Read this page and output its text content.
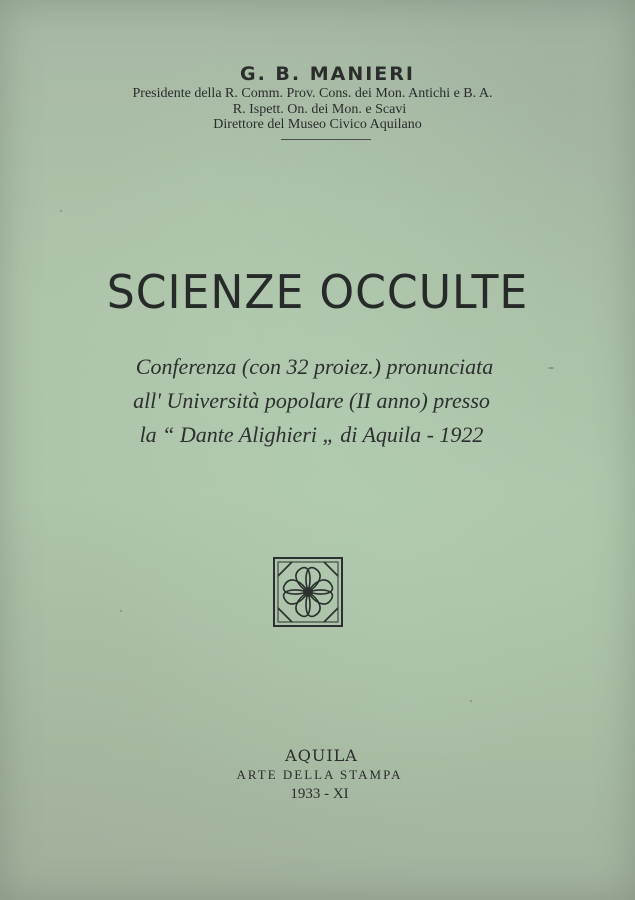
G. B. MANIERI

Presidente della R. Comm. Prov. Cons. dei Mon. Antichi e B. A.

R. Ispett. On. dei Mon. e Scavi

Direttore del Museo Civico Aquilano

SCIENZE OCCULTE
Conferenza (con 32 proiez.) pronunciata
all' Università popolare (II anno) presso
la “ Dante Alighieri „ di Aquila - 1922

AQUILA

ARTE DELLA STAMPA

1933 - XI
